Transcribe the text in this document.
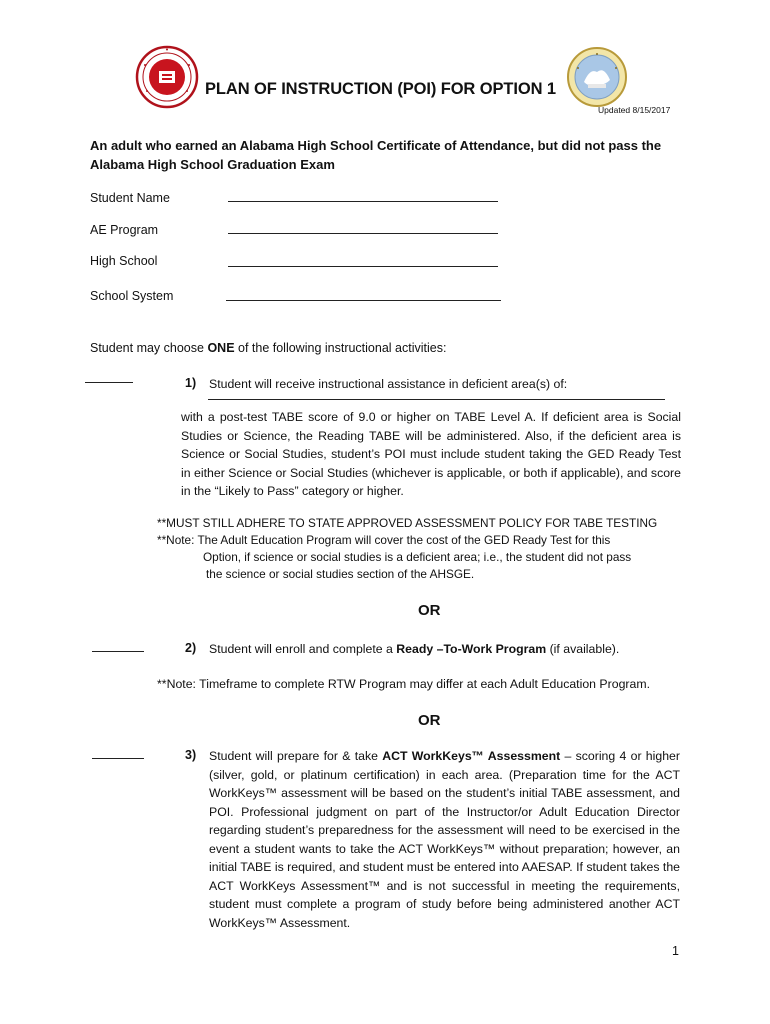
PLAN OF INSTRUCTION (POI) FOR OPTION 1
Updated 8/15/2017
An adult who earned an Alabama High School Certificate of Attendance, but did not pass the Alabama High School Graduation Exam
Student Name
AE Program
High School
School System
Student may choose ONE of the following instructional activities:
1) Student will receive instructional assistance in deficient area(s) of:
with a post-test TABE score of 9.0 or higher on TABE Level A. If deficient area is Social Studies or Science, the Reading TABE will be administered. Also, if the deficient area is Science or Social Studies, student’s POI must include student taking the GED Ready Test in either Science or Social Studies (whichever is applicable, or both if applicable), and score in the “Likely to Pass” category or higher.
**MUST STILL ADHERE TO STATE APPROVED ASSESSMENT POLICY FOR TABE TESTING
**Note: The Adult Education Program will cover the cost of the GED Ready Test for this
Option, if science or social studies is a deficient area; i.e., the student did not pass
the science or social studies section of the AHSGE.
OR
2) Student will enroll and complete a Ready –To-Work Program (if available).
**Note: Timeframe to complete RTW Program may differ at each Adult Education Program.
OR
3) Student will prepare for & take ACT WorkKeys™ Assessment – scoring 4 or higher (silver, gold, or platinum certification) in each area. (Preparation time for the ACT WorkKeys™ assessment will be based on the student’s initial TABE assessment, and POI. Professional judgment on part of the Instructor/or Adult Education Director regarding student’s preparedness for the assessment will need to be exercised in the event a student wants to take the ACT WorkKeys™ without preparation; however, an initial TABE is required, and student must be entered into AAESAP. If student takes the ACT WorkKeys Assessment™ and is not successful in meeting the requirements, student must complete a program of study before being administered another ACT WorkKeys™ Assessment.
1
